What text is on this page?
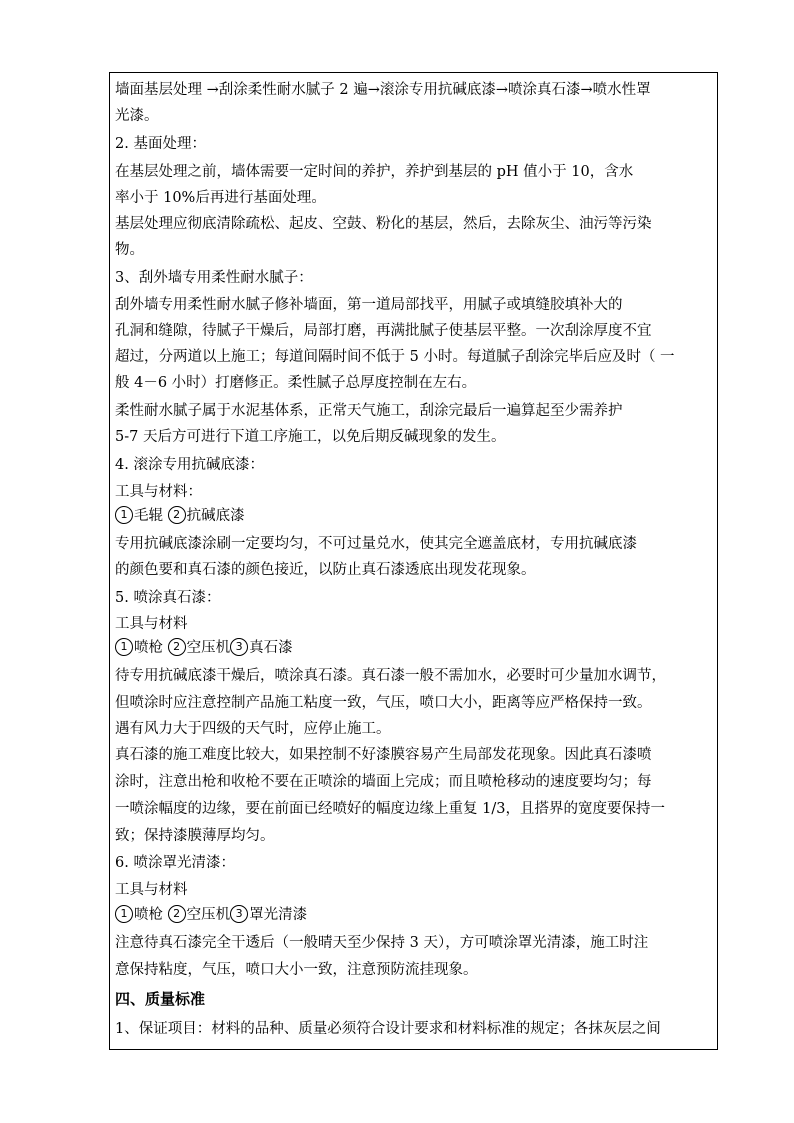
墙面基层处理 →刮涂柔性耐水腻子 2 遍→滚涂专用抗碱底漆→喷涂真石漆→喷水性罩
光漆。
2. 基面处理：
在基层处理之前，墙体需要一定时间的养护，养护到基层的 pH 值小于 10，含水
率小于 10%后再进行基面处理。
基层处理应彻底清除疏松、起皮、空鼓、粉化的基层，然后，去除灰尘、油污等污染
物。
3、刮外墙专用柔性耐水腻子：
刮外墙专用柔性耐水腻子修补墙面，第一道局部找平，用腻子或填缝胶填补大的
孔洞和缝隙，待腻子干燥后，局部打磨，再满批腻子使基层平整。一次刮涂厚度不宜
超过，分两道以上施工；每道间隔时间不低于 5 小时。每道腻子刮涂完毕后应及时（ 一
般 4－6 小时）打磨修正。柔性腻子总厚度控制在左右。
柔性耐水腻子属于水泥基体系，正常天气施工，刮涂完最后一遍算起至少需养护
5-7 天后方可进行下道工序施工，以免后期反碱现象的发生。
4. 滚涂专用抗碱底漆：
工具与材料：
1 毛辊 2 抗碱底漆
专用抗碱底漆涂刷一定要均匀，不可过量兑水，使其完全遮盖底材，专用抗碱底漆
的颜色要和真石漆的颜色接近，以防止真石漆透底出现发花现象。
5. 喷涂真石漆：
工具与材料
1 喷枪 2 空压机 3 真石漆
待专用抗碱底漆干燥后，喷涂真石漆。真石漆一般不需加水，必要时可少量加水调节，
但喷涂时应注意控制产品施工粘度一致，气压，喷口大小，距离等应严格保持一致。
遇有风力大于四级的天气时，应停止施工。
真石漆的施工难度比较大，如果控制不好漆膜容易产生局部发花现象。因此真石漆喷
涂时，注意出枪和收枪不要在正喷涂的墙面上完成；而且喷枪移动的速度要均匀；每
一喷涂幅度的边缘，要在前面已经喷好的幅度边缘上重复 1/3，且搭界的宽度要保持一
致；保持漆膜薄厚均匀。
6. 喷涂罩光清漆：
工具与材料
1 喷枪 2 空压机 3 罩光清漆
注意待真石漆完全干透后（一般晴天至少保持 3 天），方可喷涂罩光清漆，施工时注
意保持粘度，气压，喷口大小一致，注意预防流挂现象。
四、质量标准
1、保证项目：材料的品种、质量必须符合设计要求和材料标准的规定；各抹灰层之间
